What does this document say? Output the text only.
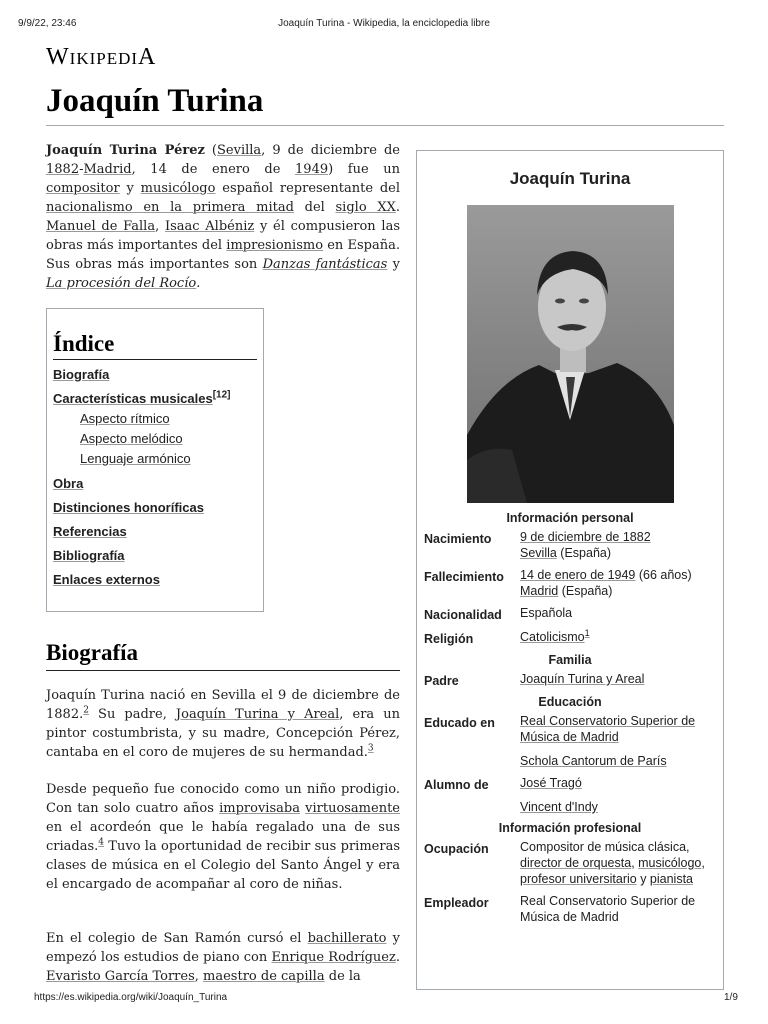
9/9/22, 23:46	Joaquín Turina - Wikipedia, la enciclopedia libre
WikipediA
Joaquín Turina
Joaquín Turina Pérez (Sevilla, 9 de diciembre de 1882-Madrid, 14 de enero de 1949) fue un compositor y musicólogo español representante del nacionalismo en la primera mitad del siglo XX. Manuel de Falla, Isaac Albéniz y él compusieron las obras más importantes del impresionismo en España. Sus obras más importantes son Danzas fantásticas y La procesión del Rocío.
Índice
Biografía
Características musicales[12]
Aspecto rítmico
Aspecto melódico
Lenguaje armónico
Obra
Distinciones honoríficas
Referencias
Bibliografía
Enlaces externos
Biografía
Joaquín Turina nació en Sevilla el 9 de diciembre de 1882.$^2$ Su padre, Joaquín Turina y Areal, era un pintor costumbrista, y su madre, Concepción Pérez, cantaba en el coro de mujeres de su hermandad.$^3$
Desde pequeño fue conocido como un niño prodigio. Con tan solo cuatro años improvisaba virtuosamente en el acordeón que le había regalado una de sus criadas.$^4$ Tuvo la oportunidad de recibir sus primeras clases de música en el Colegio del Santo Ángel y era el encargado de acompañar al coro de niñas.
En el colegio de San Ramón cursó el bachillerato y empezó los estudios de piano con Enrique Rodríguez. Evaristo García Torres, maestro de capilla de la
Joaquín Turina
Información personal
Nacimiento	9 de diciembre de 1882
Sevilla (España)
Fallecimiento	14 de enero de 1949 (66 años)
Madrid (España)
Nacionalidad	Española
Religión	Catolicismo$^1$
Familia
Padre	Joaquín Turina y Areal
Educación
Educado en	Real Conservatorio Superior de Música de Madrid
Schola Cantorum de París
Alumno de	José Tragó
Vincent d'Indy
Información profesional
Ocupación	Compositor de música clásica, director de orquesta, musicólogo, profesor universitario y pianista
Empleador	Real Conservatorio Superior de Música de Madrid
https://es.wikipedia.org/wiki/Joaquín_Turina	1/9
